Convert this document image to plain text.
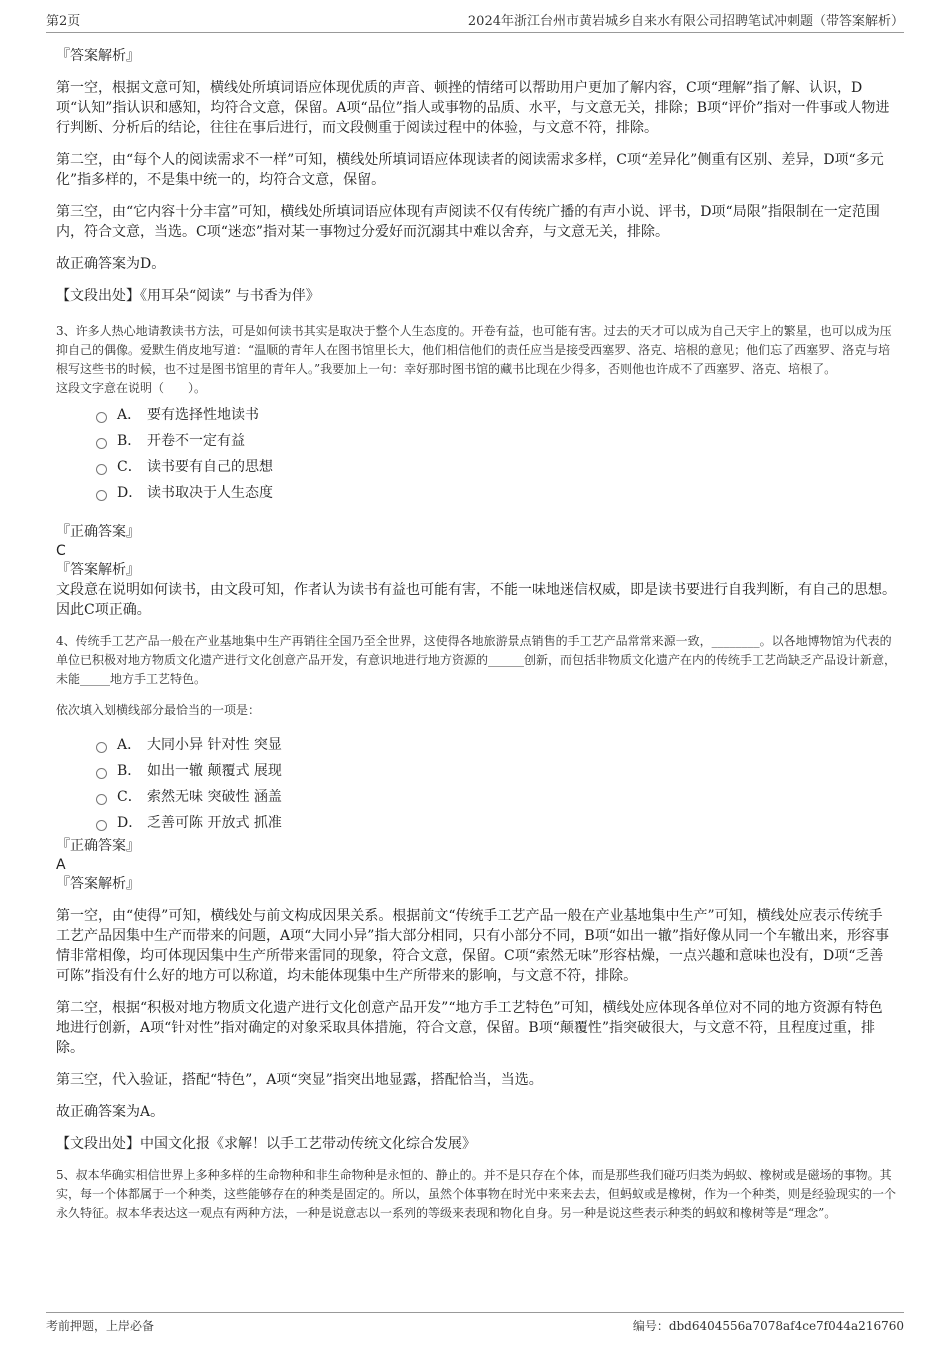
第2页	2024年浙江台州市黄岩城乡自来水有限公司招聘笔试冲刺题（带答案解析）

『答案解析』

第一空，根据文意可知，横线处所填词语应体现优质的声音、顿挫的情绪可以帮助用户更加了解内容，C项“理解”指了解、认识，D项“认知”指认识和感知，均符合文意，保留。A项“品位”指人或事物的品质、水平，与文意无关，排除；B项“评价”指对一件事或人物进行判断、分析后的结论，往往在事后进行，而文段侧重于阅读过程中的体验，与文意不符，排除。

第二空，由“每个人的阅读需求不一样”可知，横线处所填词语应体现读者的阅读需求多样，C项“差异化”侧重有区别、差异，D项“多元化”指多样的，不是集中统一的，均符合文意，保留。

第三空，由“它内容十分丰富”可知，横线处所填词语应体现有声阅读不仅有传统广播的有声小说、评书，D项“局限”指限制在一定范围内，符合文意，当选。C项“迷恋”指对某一事物过分爱好而沉溺其中难以舍弃，与文意无关，排除。

故正确答案为D。

【文段出处】《用耳朵“阅读” 与书香为伴》

3、许多人热心地请教读书方法，可是如何读书其实是取决于整个人生态度的。开卷有益，也可能有害。过去的天才可以成为自己天宇上的繁星，也可以成为压抑自己的偶像。爱默生俏皮地写道：“温顺的青年人在图书馆里长大，他们相信他们的责任应当是接受西塞罗、洛克、培根的意见；他们忘了西塞罗、洛克与培根写这些书的时候，也不过是图书馆里的青年人。”我要加上一句：幸好那时图书馆的藏书比现在少得多，否则他也许成不了西塞罗、洛克、培根了。

这段文字意在说明（　　）。

A． 要有选择性地读书
B． 开卷不一定有益
C． 读书要有自己的思想
D． 读书取决于人生态度

『正确答案』

C

『答案解析』

文段意在说明如何读书，由文段可知，作者认为读书有益也可能有害，不能一味地迷信权威，即是读书要进行自我判断，有自己的思想。因此C项正确。

4、传统手工艺产品一般在产业基地集中生产再销往全国乃至全世界，这使得各地旅游景点销售的手工艺产品常常来源一致，________。以各地博物馆为代表的单位已积极对地方物质文化遗产进行文化创意产品开发，有意识地进行地方资源的______创新，而包括非物质文化遗产在内的传统手工艺尚缺乏产品设计新意，未能_____地方手工艺特色。

依次填入划横线部分最恰当的一项是：

A． 大同小异 针对性 突显
B． 如出一辙 颠覆式 展现
C． 索然无味 突破性 涵盖
D． 乏善可陈 开放式 抓准

『正确答案』

A

『答案解析』

第一空，由“使得”可知，横线处与前文构成因果关系。根据前文“传统手工艺产品一般在产业基地集中生产”可知，横线处应表示传统手工艺产品因集中生产而带来的问题，A项“大同小异”指大部分相同，只有小部分不同，B项“如出一辙”指好像从同一个车辙出来，形容事情非常相像，均可体现因集中生产所带来雷同的现象，符合文意，保留。C项“索然无味”形容枯燥，一点兴趣和意味也没有，D项“乏善可陈”指没有什么好的地方可以称道，均未能体现集中生产所带来的影响，与文意不符，排除。

第二空，根据“积极对地方物质文化遗产进行文化创意产品开发”“地方手工艺特色”可知，横线处应体现各单位对不同的地方资源有特色地进行创新，A项“针对性”指对确定的对象采取具体措施，符合文意，保留。B项“颠覆性”指突破很大，与文意不符，且程度过重，排除。

第三空，代入验证，搭配“特色”，A项“突显”指突出地显露，搭配恰当，当选。

故正确答案为A。

【文段出处】中国文化报《求解！以手工艺带动传统文化综合发展》

5、叔本华确实相信世界上多种多样的生命物种和非生命物种是永恒的、静止的。并不是只存在个体，而是那些我们碰巧归类为蚂蚁、橡树或是磁场的事物。其实，每一个体都属于一个种类，这些能够存在的种类是固定的。所以，虽然个体事物在时光中来来去去，但蚂蚁或是橡树，作为一个种类，则是经验现实的一个永久特征。叔本华表达这一观点有两种方法，一种是说意志以一系列的等级来表现和物化自身。另一种是说这些表示种类的蚂蚁和橡树等是“理念”。

考前押题，上岸必备	编号：dbd6404556a7078af4ce7f044a216760
